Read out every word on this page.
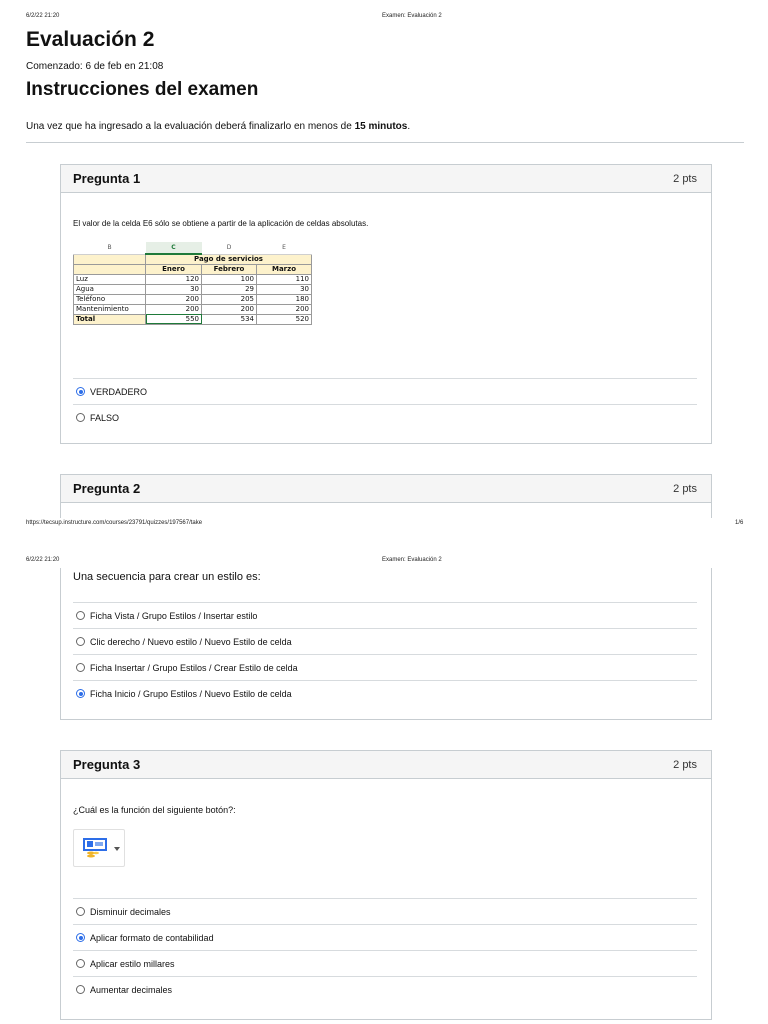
6/2/22 21:20	Examen: Evaluación 2
Evaluación 2
Comenzado: 6 de feb en 21:08
Instrucciones del examen
Una vez que ha ingresado a la evaluación deberá finalizarlo en menos de 15 minutos.
Pregunta 1	2 pts
El valor de la celda E6 sólo se obtiene a partir de la aplicación de celdas absolutas.
B	C	D	E
	Pago de servicios		
	Enero	Febrero	Marzo
Luz	120	100	110
Agua	30	29	30
Teléfono	200	205	180
Mantenimiento	200	200	200
Total	550	534	520
VERDADERO
FALSO
Pregunta 2	2 pts
https://tecsup.instructure.com/courses/23791/quizzes/197567/take	1/6
6/2/22 21:20	Examen: Evaluación 2
Una secuencia para crear un estilo es:
Ficha Vista / Grupo Estilos / Insertar estilo
Clic derecho / Nuevo estilo / Nuevo Estilo de celda
Ficha Insertar / Grupo Estilos / Crear Estilo de celda
Ficha Inicio / Grupo Estilos / Nuevo Estilo de celda
Pregunta 3	2 pts
¿Cuál es la función del siguiente botón?:
Disminuir decimales
Aplicar formato de contabilidad
Aplicar estilo millares
Aumentar decimales
